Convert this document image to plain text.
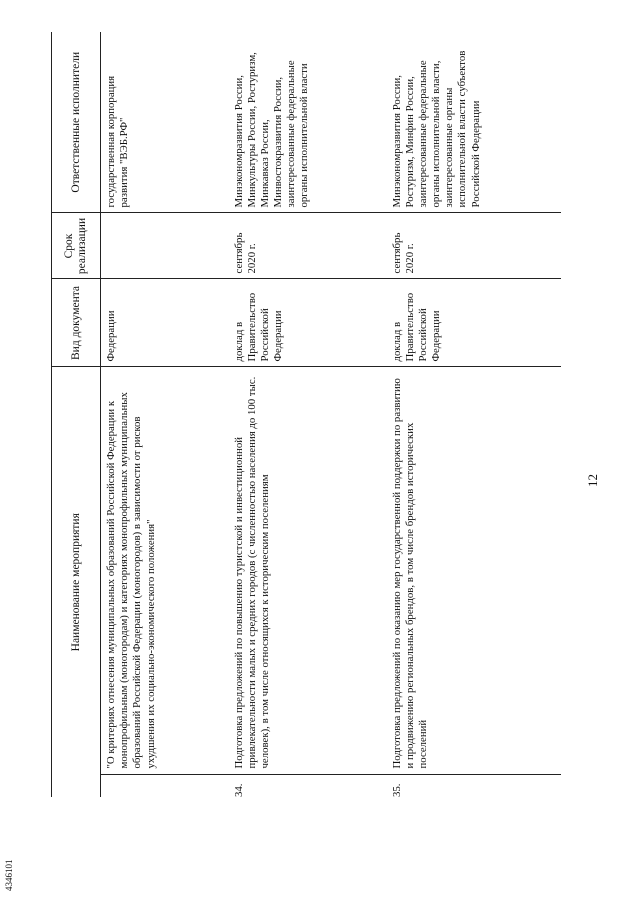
12
4346101
Наименование мероприятия		Вид документа	Срок реализации	Ответственные исполнители
	"О критериях отнесения муниципальных образований Российской Федерации к монопрофильным (моногородам) и категориях монопрофильных муниципальных образований Российской Федерации (моногородов) в зависимости от рисков ухудшения их социально-экономического положения"	Федерации		государственная корпорация развития "ВЭБ.РФ"
34.	Подготовка предложений по повышению туристской и инвестиционной привлекательности малых и средних городов (с численностью населения до 100 тыс. человек), в том числе относящихся к историческим поселениям	доклад в Правительство Российской Федерации	сентябрь 2020 г.	Минэкономразвития России, Минкультуры России, Ростуризм, Минкавказ России, Минвостокразвития России, заинтересованные федеральные органы исполнительной власти
35.	Подготовка предложений по оказанию мер государственной поддержки по развитию и продвижению региональных брендов, в том числе брендов исторических поселений	доклад в Правительство Российской Федерации	сентябрь 2020 г.	Минэкономразвития России, Ростуризм, Минфин России, заинтересованные федеральные органы исполнительной власти, заинтересованные органы исполнительной власти субъектов Российской Федерации
